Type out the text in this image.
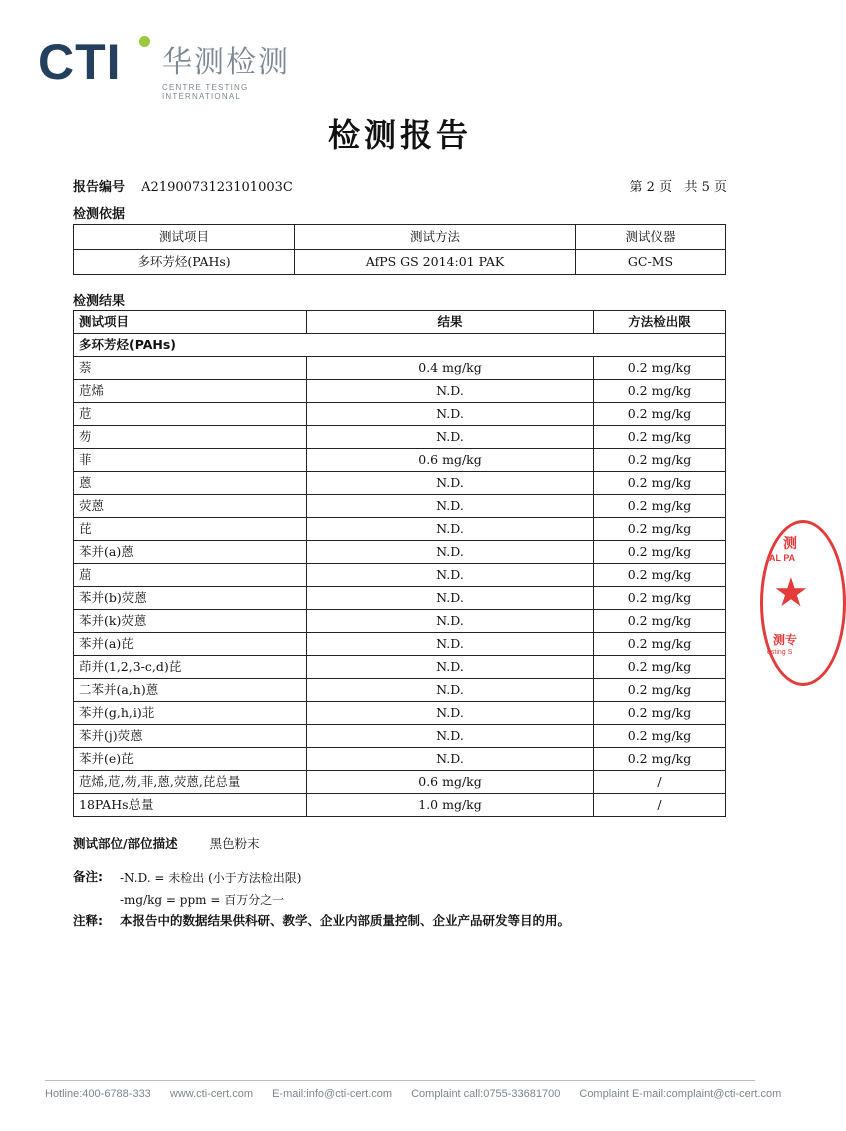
CTI 华测检测
CENTRE TESTING INTERNATIONAL
检测报告
报告编号 A2190073123101003C	第 2 页   共 5 页
检测依据
测试项目	测试方法	测试仪器
多环芳烃(PAHs)	AfPS GS 2014:01 PAK	GC-MS
检测结果
测试项目	结果	方法检出限
多环芳烃(PAHs)		
萘	0.4 mg/kg	0.2 mg/kg
苊烯	N.D.	0.2 mg/kg
苊	N.D.	0.2 mg/kg
芴	N.D.	0.2 mg/kg
菲	0.6 mg/kg	0.2 mg/kg
蒽	N.D.	0.2 mg/kg
荧蒽	N.D.	0.2 mg/kg
芘	N.D.	0.2 mg/kg
苯并(a)蒽	N.D.	0.2 mg/kg
䓛	N.D.	0.2 mg/kg
苯并(b)荧蒽	N.D.	0.2 mg/kg
苯并(k)荧蒽	N.D.	0.2 mg/kg
苯并(a)芘	N.D.	0.2 mg/kg
茚并(1,2,3-c,d)芘	N.D.	0.2 mg/kg
二苯并(a,h)蒽	N.D.	0.2 mg/kg
苯并(g,h,i)苝	N.D.	0.2 mg/kg
苯并(j)荧蒽	N.D.	0.2 mg/kg
苯并(e)芘	N.D.	0.2 mg/kg
苊烯,苊,芴,菲,蒽,荧蒽,芘总量	0.6 mg/kg	/
18PAHs总量	1.0 mg/kg	/
测试部位/部位描述	黑色粉末
备注: -N.D. = 未检出 (小于方法检出限)
-mg/kg = ppm = 百万分之一
注释: 本报告中的数据结果供科研、教学、企业内部质量控制、企业产品研发等目的用。
测
AL PA
★
测专
esting S
Hotline:400-6788-333 www.cti-cert.com E-mail:info@cti-cert.com Complaint call:0755-33681700 Complaint E-mail:complaint@cti-cert.com
